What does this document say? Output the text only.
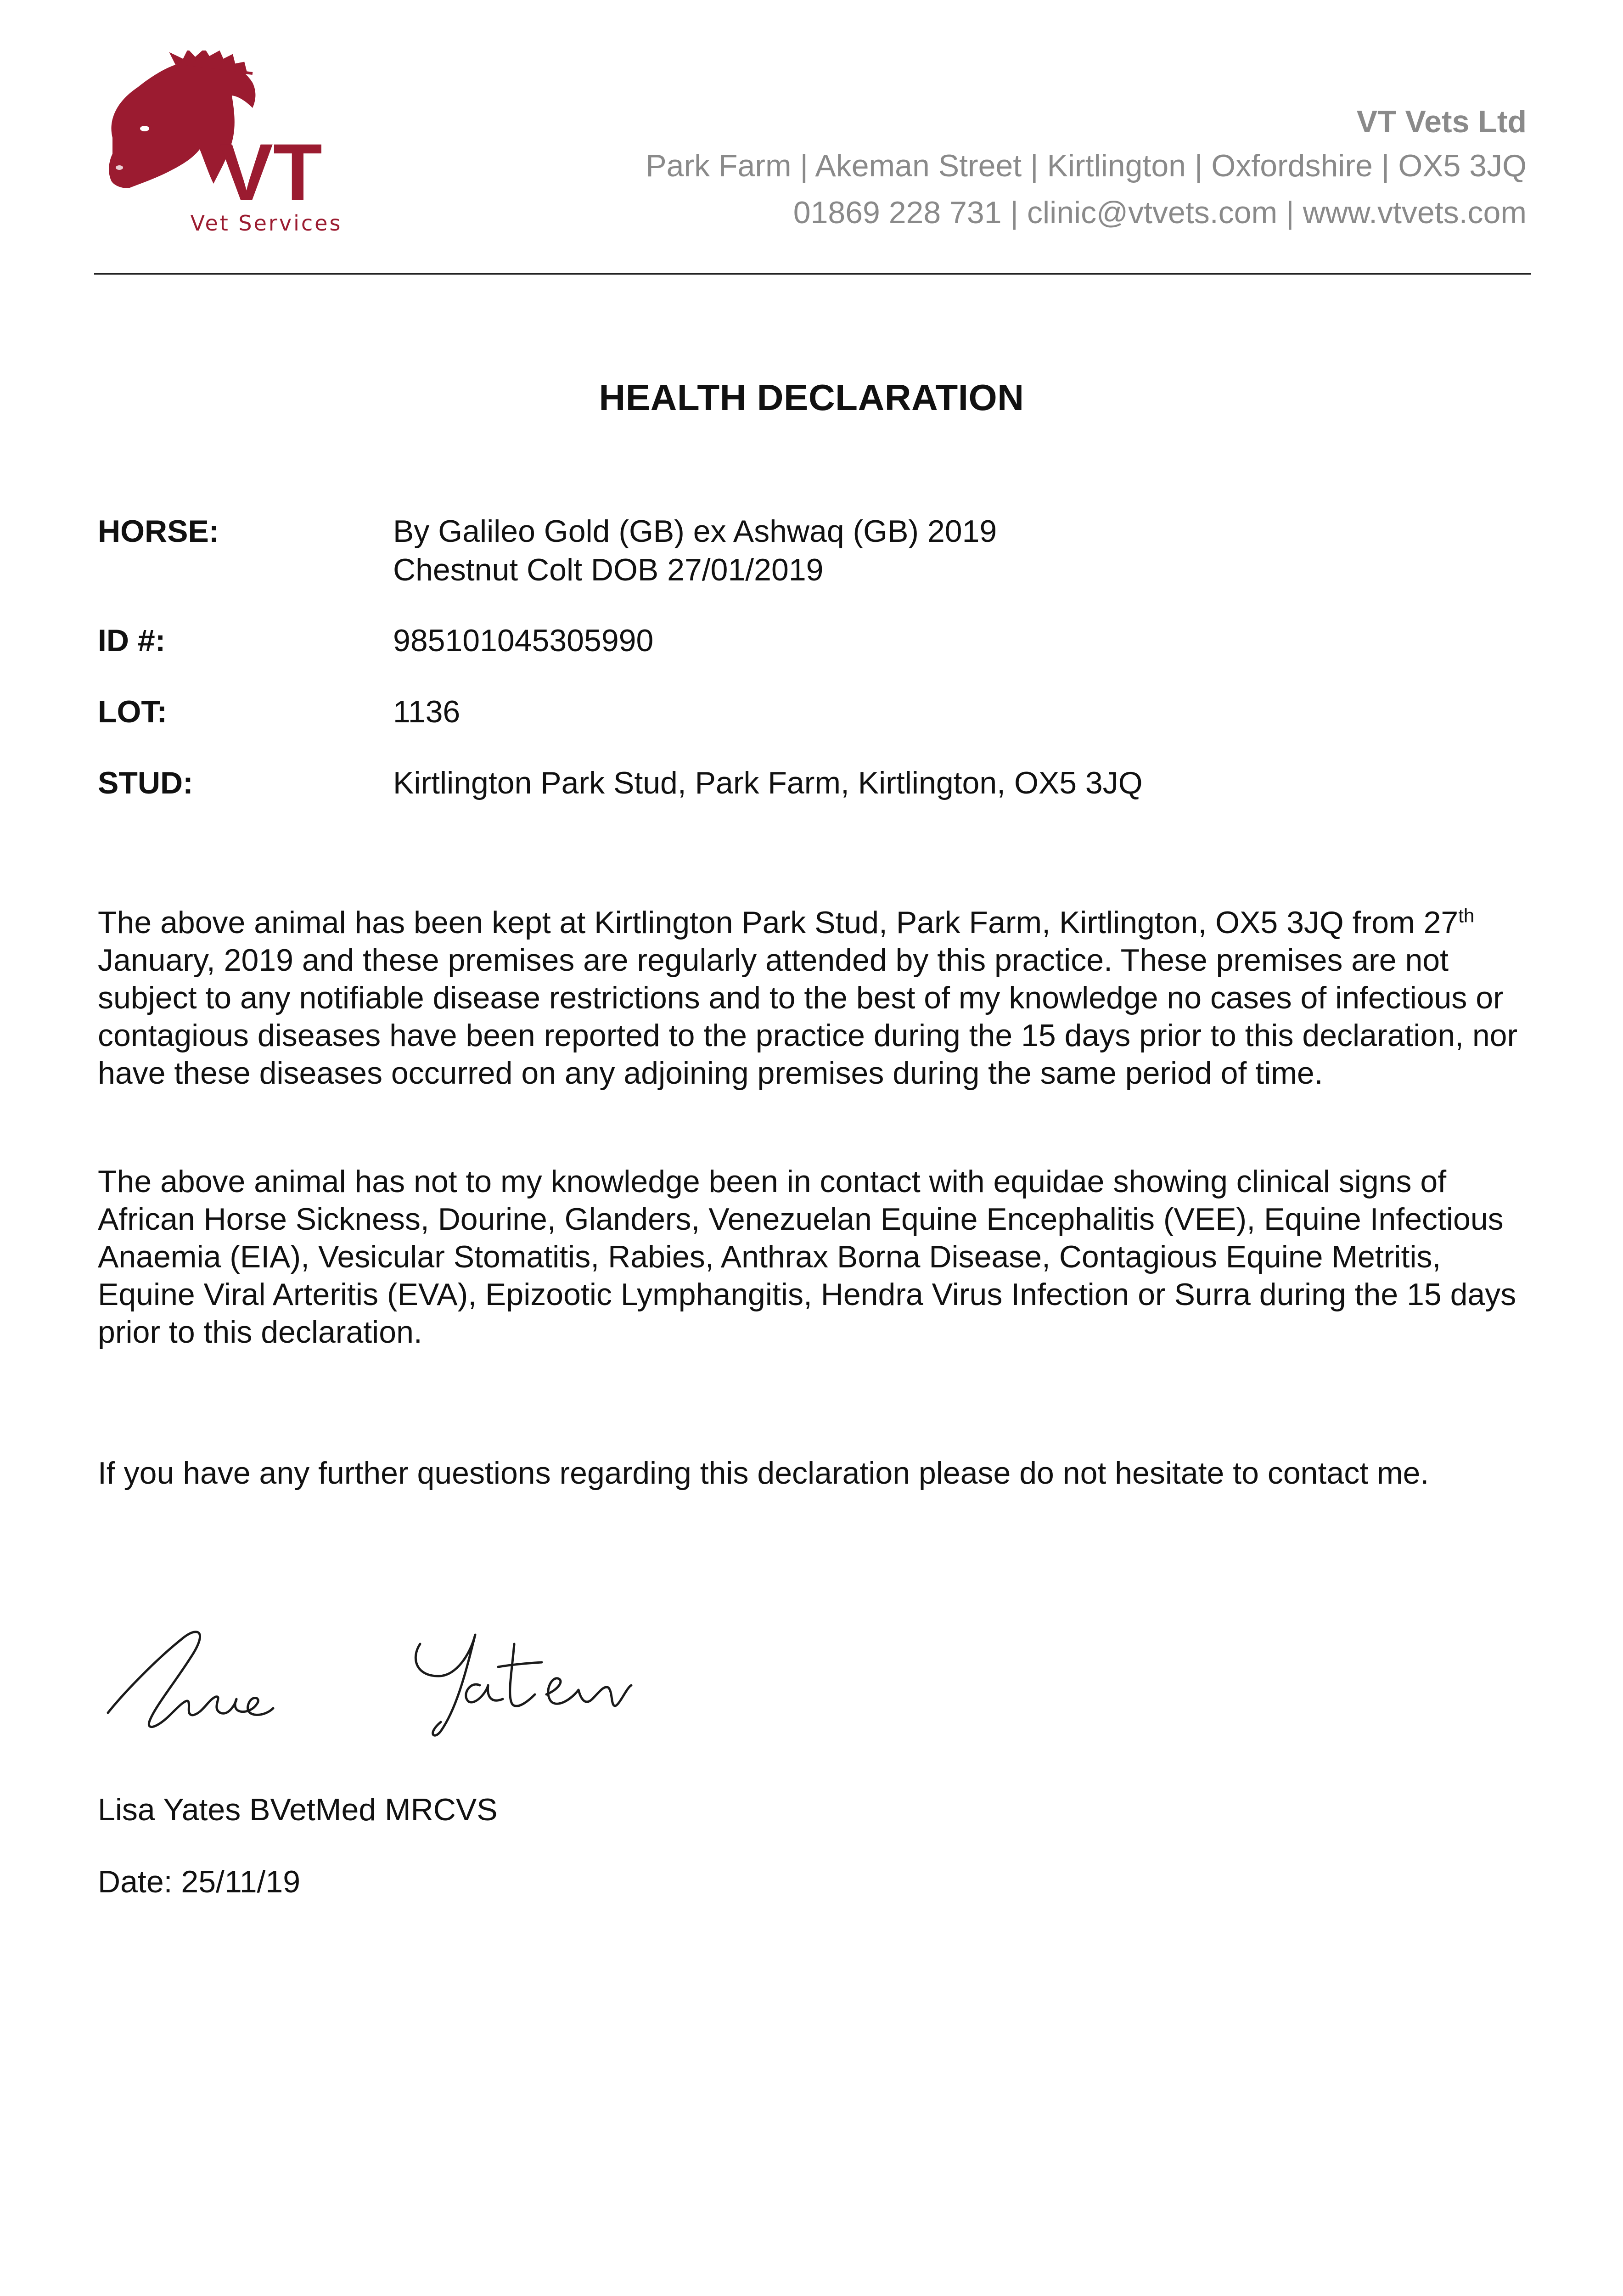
VT
Vet Services
VT Vets Ltd
Park Farm | Akeman Street | Kirtlington | Oxfordshire | OX5 3JQ
01869 228 731 | clinic@vtvets.com | www.vtvets.com
HEALTH DECLARATION
HORSE:	By Galileo Gold (GB) ex Ashwaq (GB) 2019
Chestnut Colt DOB 27/01/2019
ID #:	985101045305990
LOT:	1136
STUD:	Kirtlington Park Stud, Park Farm, Kirtlington, OX5 3JQ

The above animal has been kept at Kirtlington Park Stud, Park Farm, Kirtlington, OX5 3JQ from 27th January, 2019 and these premises are regularly attended by this practice. These premises are not subject to any notifiable disease restrictions and to the best of my knowledge no cases of infectious or contagious diseases have been reported to the practice during the 15 days prior to this declaration, nor have these diseases occurred on any adjoining premises during the same period of time.

The above animal has not to my knowledge been in contact with equidae showing clinical signs of African Horse Sickness, Dourine, Glanders, Venezuelan Equine Encephalitis (VEE), Equine Infectious Anaemia (EIA), Vesicular Stomatitis, Rabies, Anthrax Borna Disease, Contagious Equine Metritis, Equine Viral Arteritis (EVA), Epizootic Lymphangitis, Hendra Virus Infection or Surra during the 15 days prior to this declaration.

If you have any further questions regarding this declaration please do not hesitate to contact me.

Lisa Yates BVetMed MRCVS
Date: 25/11/19
